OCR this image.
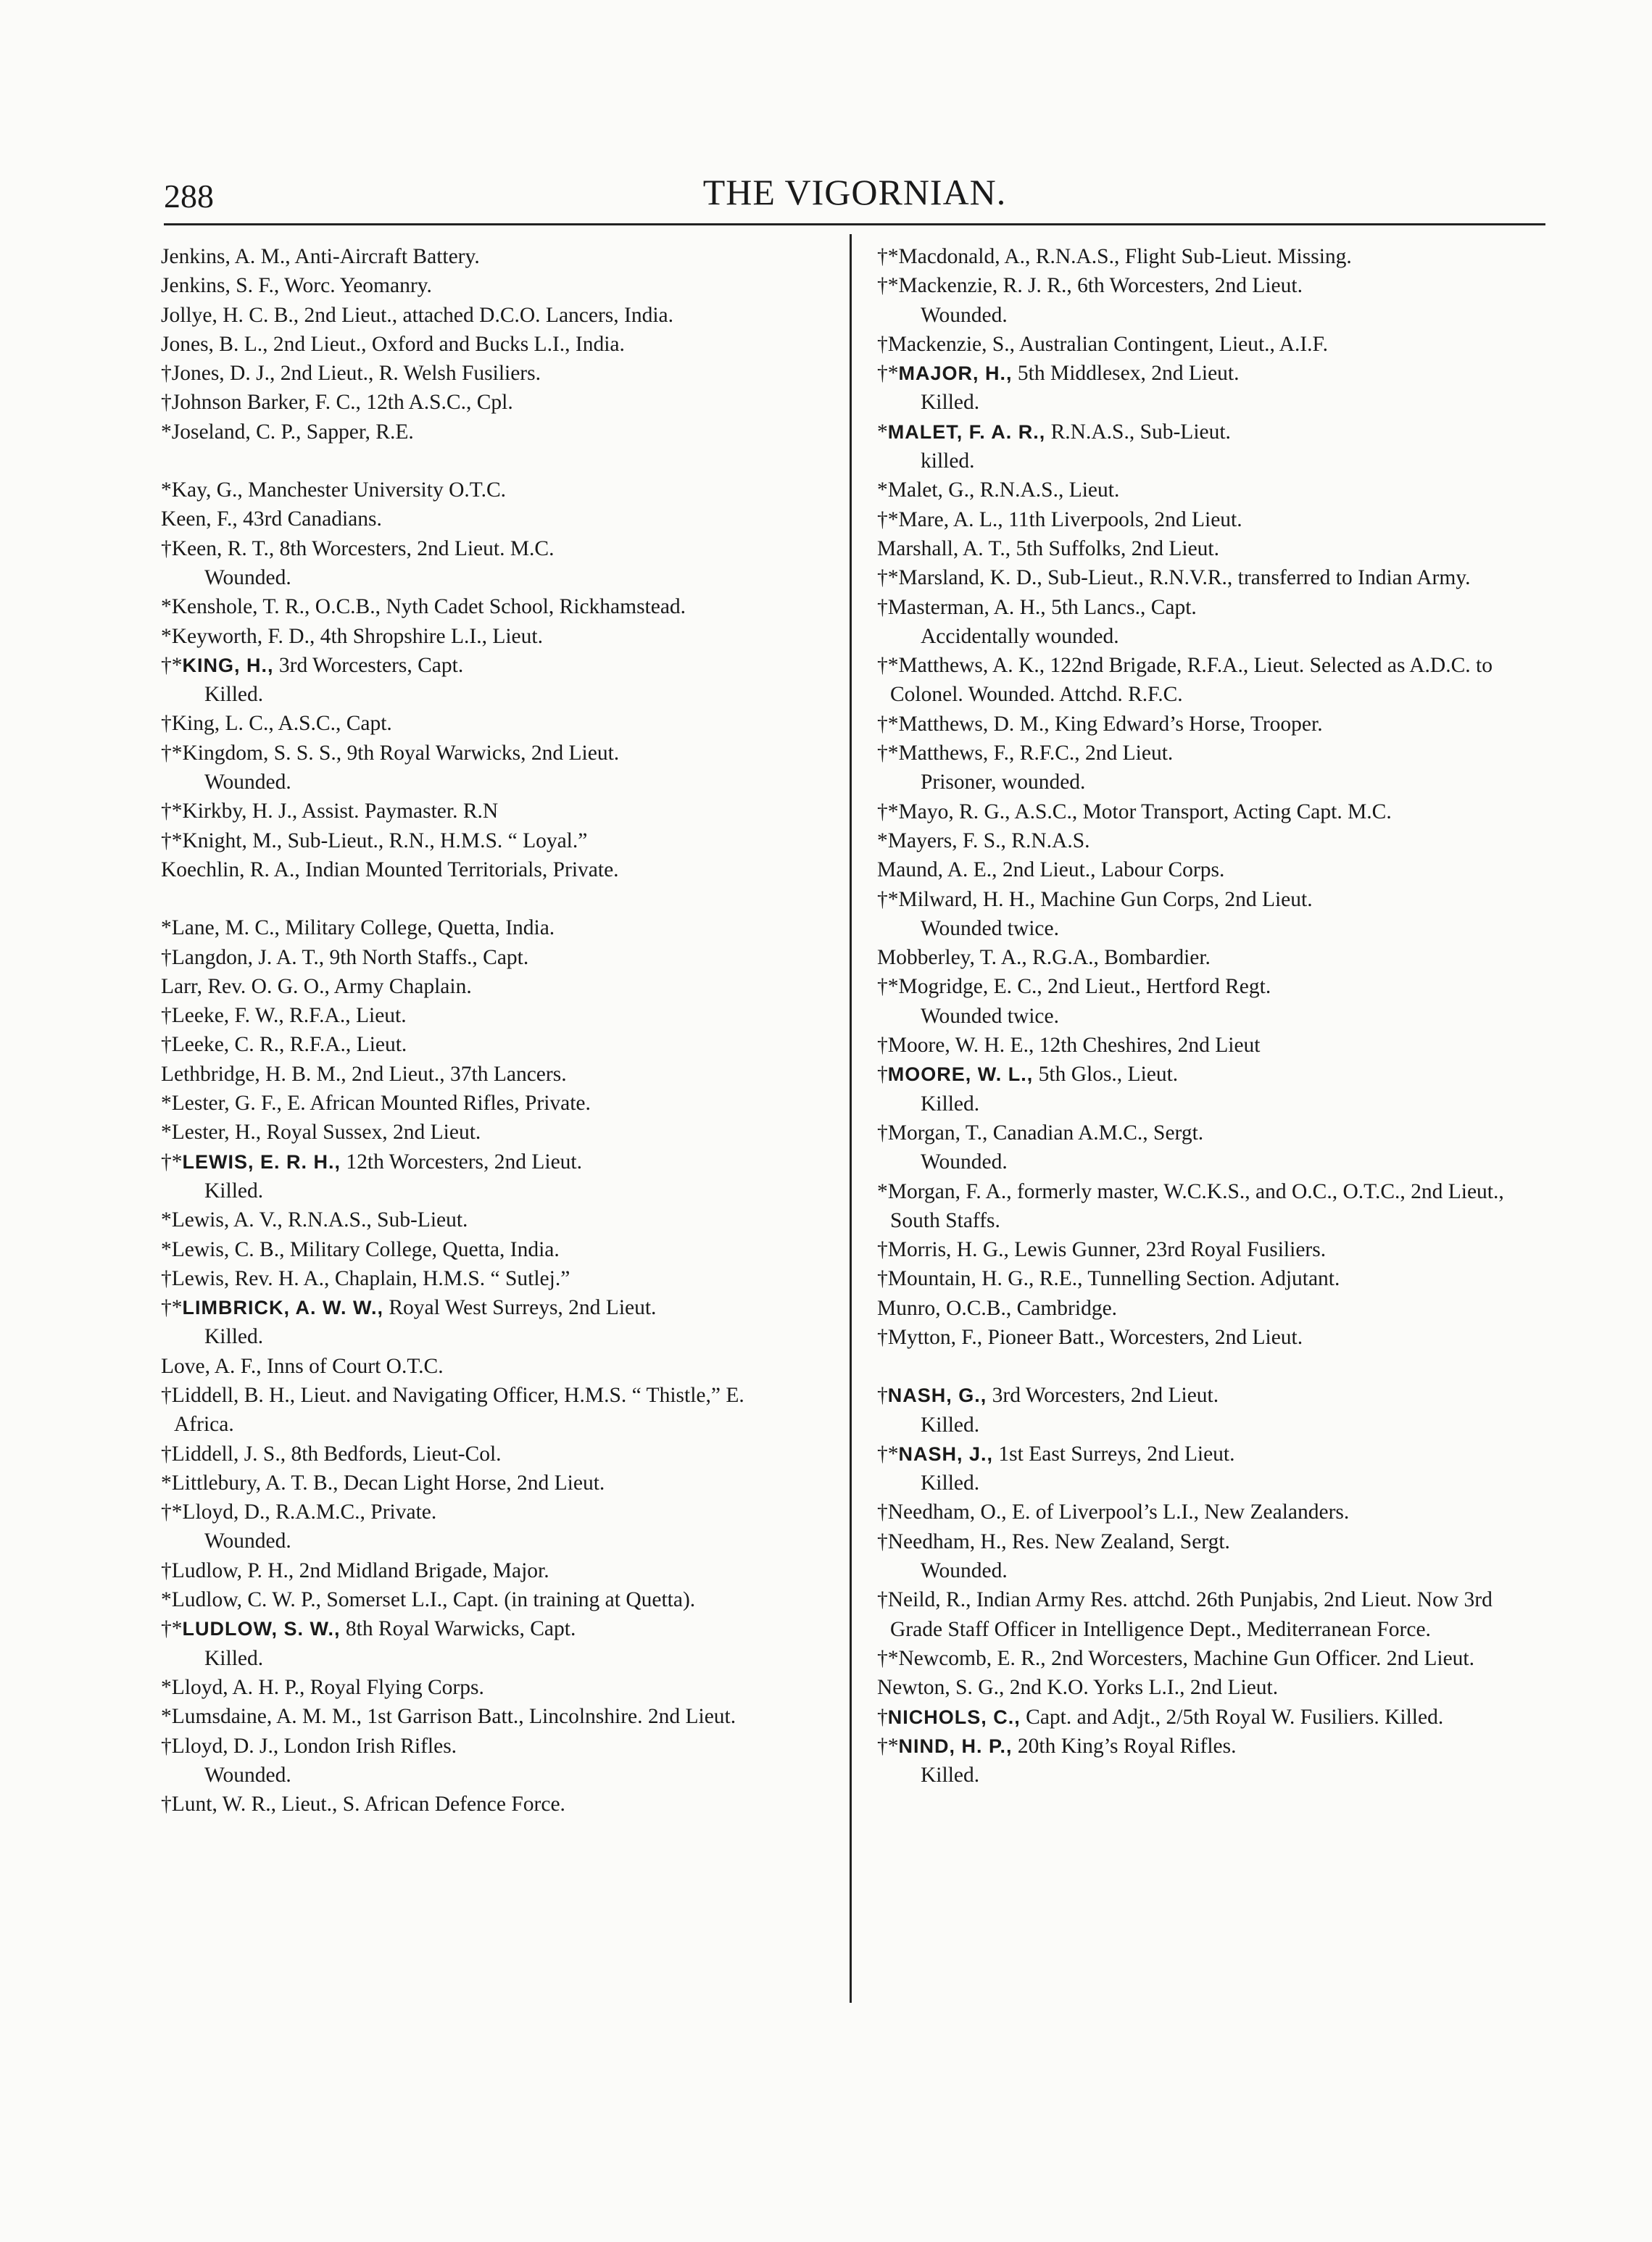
288	THE VIGORNIAN.
Jenkins, A. M., Anti-Aircraft Battery.
Jenkins, S. F., Worc. Yeomanry.
Jollye, H. C. B., 2nd Lieut., attached D.C.O. Lancers, India.
Jones, B. L., 2nd Lieut., Oxford and Bucks L.I., India.
†Jones, D. J., 2nd Lieut., R. Welsh Fusiliers.
†Johnson Barker, F. C., 12th A.S.C., Cpl.
*Joseland, C. P., Sapper, R.E.
*Kay, G., Manchester University O.T.C.
Keen, F., 43rd Canadians.
†Keen, R. T., 8th Worcesters, 2nd Lieut. M.C.
Wounded.
*Kenshole, T. R., O.C.B., Nyth Cadet School, Rickhamstead.
*Keyworth, F. D., 4th Shropshire L.I., Lieut.
†*KING, H., 3rd Worcesters, Capt.
Killed.
†King, L. C., A.S.C., Capt.
†*Kingdom, S. S. S., 9th Royal Warwicks, 2nd Lieut.
Wounded.
†*Kirkby, H. J., Assist. Paymaster. R.N
†*Knight, M., Sub-Lieut., R.N., H.M.S. “ Loyal.”
Koechlin, R. A., Indian Mounted Territorials, Private.
*Lane, M. C., Military College, Quetta, India.
†Langdon, J. A. T., 9th North Staffs., Capt.
Larr, Rev. O. G. O., Army Chaplain.
†Leeke, F. W., R.F.A., Lieut.
†Leeke, C. R., R.F.A., Lieut.
Lethbridge, H. B. M., 2nd Lieut., 37th Lancers.
*Lester, G. F., E. African Mounted Rifles, Private.
*Lester, H., Royal Sussex, 2nd Lieut.
†*LEWIS, E. R. H., 12th Worcesters, 2nd Lieut.
Killed.
*Lewis, A. V., R.N.A.S., Sub-Lieut.
*Lewis, C. B., Military College, Quetta, India.
†Lewis, Rev. H. A., Chaplain, H.M.S. “ Sutlej.”
†*LIMBRICK, A. W. W., Royal West Surreys, 2nd Lieut.
Killed.
Love, A. F., Inns of Court O.T.C.
†Liddell, B. H., Lieut. and Navigating Officer, H.M.S. “ Thistle,” E. Africa.
†Liddell, J. S., 8th Bedfords, Lieut-Col.
*Littlebury, A. T. B., Decan Light Horse, 2nd Lieut.
†*Lloyd, D., R.A.M.C., Private.
Wounded.
†Ludlow, P. H., 2nd Midland Brigade, Major.
*Ludlow, C. W. P., Somerset L.I., Capt. (in training at Quetta).
†*LUDLOW, S. W., 8th Royal Warwicks, Capt.
Killed.
*Lloyd, A. H. P., Royal Flying Corps.
*Lumsdaine, A. M. M., 1st Garrison Batt., Lincolnshire. 2nd Lieut.
†Lloyd, D. J., London Irish Rifles.
Wounded.
†Lunt, W. R., Lieut., S. African Defence Force.
†*Macdonald, A., R.N.A.S., Flight Sub-Lieut. Missing.
†*Mackenzie, R. J. R., 6th Worcesters, 2nd Lieut.
Wounded.
†Mackenzie, S., Australian Contingent, Lieut., A.I.F.
†*MAJOR, H., 5th Middlesex, 2nd Lieut.
Killed.
*MALET, F. A. R., R.N.A.S., Sub-Lieut.
killed.
*Malet, G., R.N.A.S., Lieut.
†*Mare, A. L., 11th Liverpools, 2nd Lieut.
Marshall, A. T., 5th Suffolks, 2nd Lieut.
†*Marsland, K. D., Sub-Lieut., R.N.V.R., transferred to Indian Army.
†Masterman, A. H., 5th Lancs., Capt.
Accidentally wounded.
†*Matthews, A. K., 122nd Brigade, R.F.A., Lieut. Selected as A.D.C. to Colonel. Wounded. Attchd. R.F.C.
†*Matthews, D. M., King Edward’s Horse, Trooper.
†*Matthews, F., R.F.C., 2nd Lieut.
Prisoner, wounded.
†*Mayo, R. G., A.S.C., Motor Transport, Acting Capt. M.C.
*Mayers, F. S., R.N.A.S.
Maund, A. E., 2nd Lieut., Labour Corps.
†*Milward, H. H., Machine Gun Corps, 2nd Lieut.
Wounded twice.
Mobberley, T. A., R.G.A., Bombardier.
†*Mogridge, E. C., 2nd Lieut., Hertford Regt.
Wounded twice.
†Moore, W. H. E., 12th Cheshires, 2nd Lieut
†MOORE, W. L., 5th Glos., Lieut.
Killed.
†Morgan, T., Canadian A.M.C., Sergt.
Wounded.
*Morgan, F. A., formerly master, W.C.K.S., and O.C., O.T.C., 2nd Lieut., South Staffs.
†Morris, H. G., Lewis Gunner, 23rd Royal Fusiliers.
†Mountain, H. G., R.E., Tunnelling Section. Adjutant.
Munro, O.C.B., Cambridge.
†Mytton, F., Pioneer Batt., Worcesters, 2nd Lieut.
†NASH, G., 3rd Worcesters, 2nd Lieut.
Killed.
†*NASH, J., 1st East Surreys, 2nd Lieut.
Killed.
†Needham, O., E. of Liverpool’s L.I., New Zealanders.
†Needham, H., Res. New Zealand, Sergt.
Wounded.
†Neild, R., Indian Army Res. attchd. 26th Punjabis, 2nd Lieut. Now 3rd Grade Staff Officer in Intelligence Dept., Mediterranean Force.
†*Newcomb, E. R., 2nd Worcesters, Machine Gun Officer. 2nd Lieut.
Newton, S. G., 2nd K.O. Yorks L.I., 2nd Lieut.
†NICHOLS, C., Capt. and Adjt., 2/5th Royal W. Fusiliers. Killed.
†*NIND, H. P., 20th King’s Royal Rifles.
Killed.
